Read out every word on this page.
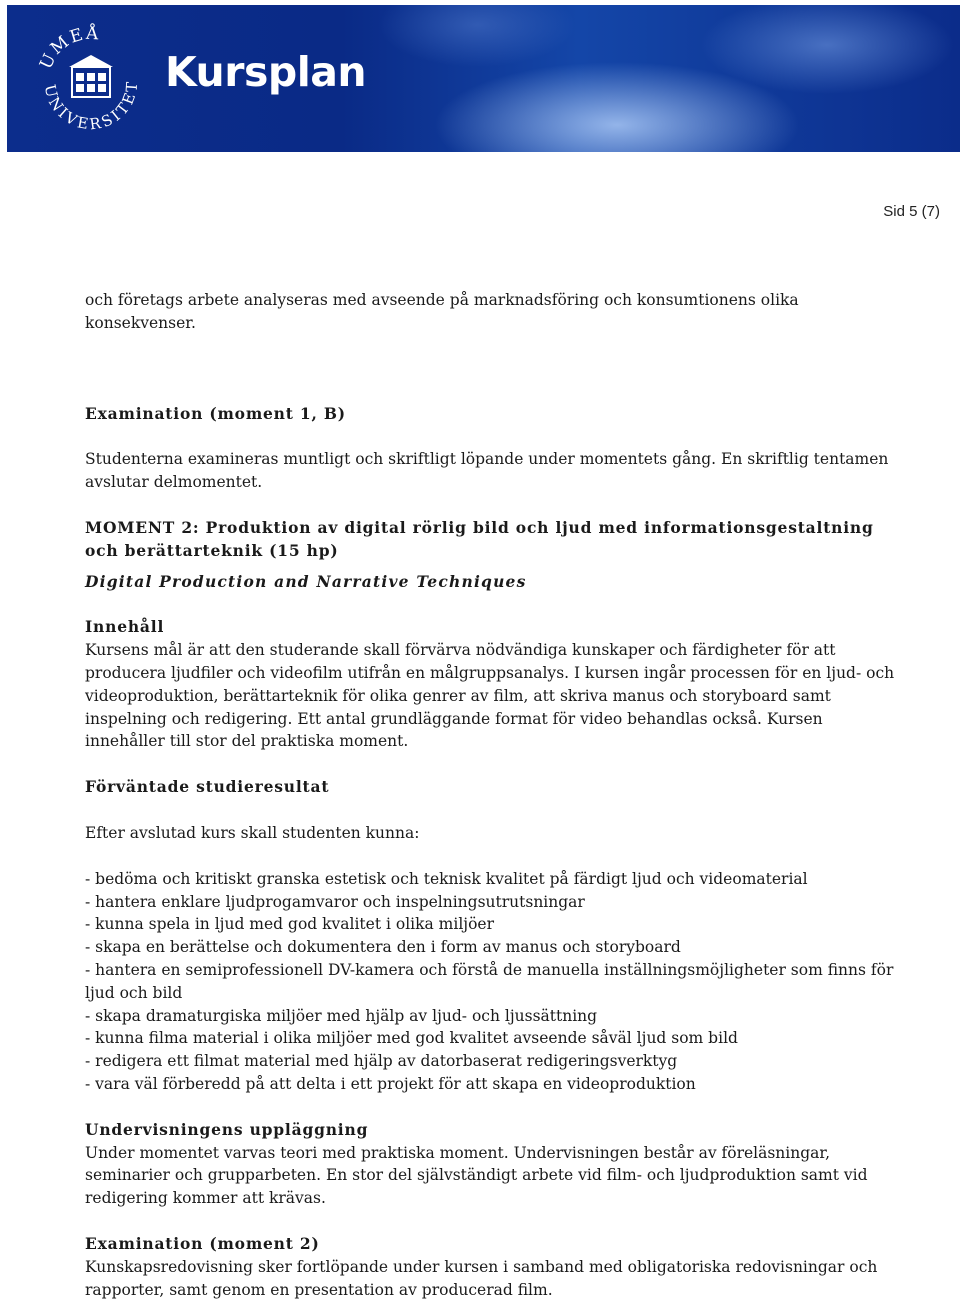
UMEÅ
UNIVERSITET Kursplan
Sid 5 (7)

och företags arbete analyseras med avseende på marknadsföring och konsumtionens olika konsekvenser.

Examination (moment 1, B)

Studenterna examineras muntligt och skriftligt löpande under momentets gång. En skriftlig tentamen avslutar delmomentet.

MOMENT 2: Produktion av digital rörlig bild och ljud med informationsgestaltning och berättarteknik (15 hp)

Digital Production and Narrative Techniques

Innehåll

Kursens mål är att den studerande skall förvärva nödvändiga kunskaper och färdigheter för att producera ljudfiler och videofilm utifrån en målgruppsanalys. I kursen ingår processen för en ljud- och videoproduktion, berättarteknik för olika genrer av film, att skriva manus och storyboard samt inspelning och redigering. Ett antal grundläggande format för video behandlas också. Kursen innehåller till stor del praktiska moment.

Förväntade studieresultat

Efter avslutad kurs skall studenten kunna:

- bedöma och kritiskt granska estetisk och teknisk kvalitet på färdigt ljud och videomaterial
- hantera enklare ljudprogamvaror och inspelningsutrutsningar
- kunna spela in ljud med god kvalitet i olika miljöer
- skapa en berättelse och dokumentera den i form av manus och storyboard
- hantera en semiprofessionell DV-kamera och förstå de manuella inställningsmöjligheter som finns för ljud och bild
- skapa dramaturgiska miljöer med hjälp av ljud- och ljussättning
- kunna filma material i olika miljöer med god kvalitet avseende såväl ljud som bild
- redigera ett filmat material med hjälp av datorbaserat redigeringsverktyg
- vara väl förberedd på att delta i ett projekt för att skapa en videoproduktion

Undervisningens uppläggning

Under momentet varvas teori med praktiska moment. Undervisningen består av föreläsningar, seminarier och grupparbeten. En stor del självständigt arbete vid film- och ljudproduktion samt vid redigering kommer att krävas.

Examination (moment 2)

Kunskapsredovisning sker fortlöpande under kursen i samband med obligatoriska redovisningar och rapporter, samt genom en presentation av producerad film.
